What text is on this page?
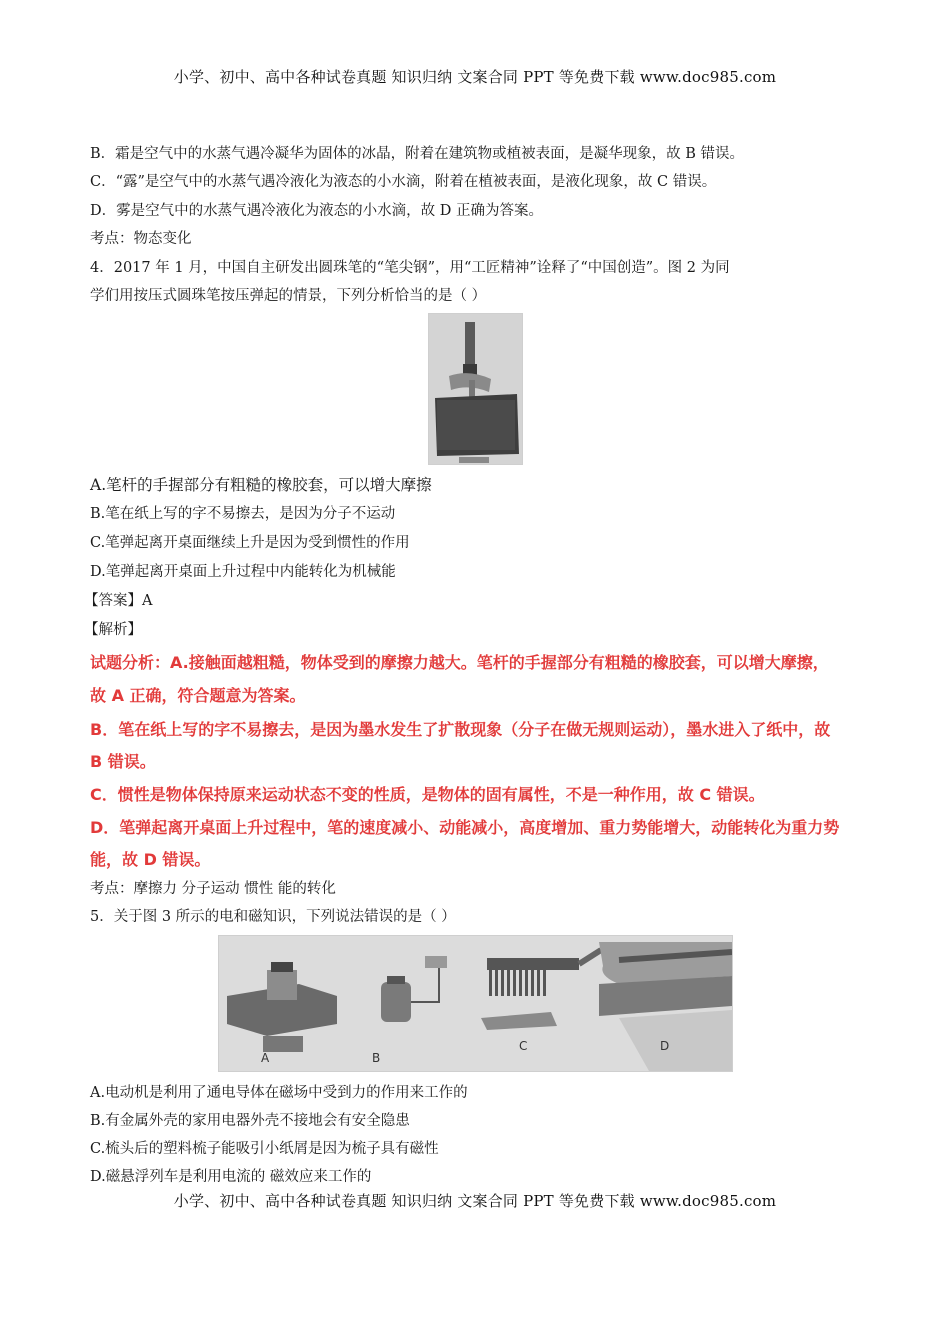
小学、初中、高中各种试卷真题 知识归纳 文案合同 PPT 等免费下载 www.doc985.com
B．霜是空气中的水蒸气遇冷凝华为固体的冰晶，附着在建筑物或植被表面，是凝华现象，故 B 错误。
C．“露”是空气中的水蒸气遇冷液化为液态的小水滴，附着在植被表面，是液化现象，故 C 错误。
D．雾是空气中的水蒸气遇冷液化为液态的小水滴，故 D 正确为答案。
考点：物态变化
4．2017 年 1 月，中国自主研发出圆珠笔的“笔尖钢”，用“工匠精神”诠释了“中国创造”。图 2 为同
学们用按压式圆珠笔按压弹起的情景，下列分析恰当的是（ ）
A.笔杆的手握部分有粗糙的橡胶套，可以增大摩擦
B.笔在纸上写的字不易擦去，是因为分子不运动
C.笔弹起离开桌面继续上升是因为受到惯性的作用
D.笔弹起离开桌面上升过程中内能转化为机械能
【答案】A
【解析】
试题分析：A.接触面越粗糙，物体受到的摩擦力越大。笔杆的手握部分有粗糙的橡胶套，可以增大摩擦，
故 A 正确，符合题意为答案。
B．笔在纸上写的字不易擦去，是因为墨水发生了扩散现象（分子在做无规则运动），墨水进入了纸中，故
B 错误。
C．惯性是物体保持原来运动状态不变的性质，是物体的固有属性，不是一种作用，故 C 错误。
D．笔弹起离开桌面上升过程中，笔的速度减小、动能减小，高度增加、重力势能增大，动能转化为重力势
能，故 D 错误。
考点：摩擦力 分子运动 惯性 能的转化
5．关于图 3 所示的电和磁知识，下列说法错误的是（ ）
A	B
C	D
A.电动机是利用了通电导体在磁场中受到力的作用来工作的
B.有金属外壳的家用电器外壳不接地会有安全隐患
C.梳头后的塑料梳子能吸引小纸屑是因为梳子具有磁性
D.磁悬浮列车是利用电流的 磁效应来工作的
小学、初中、高中各种试卷真题 知识归纳 文案合同 PPT 等免费下载 www.doc985.com
